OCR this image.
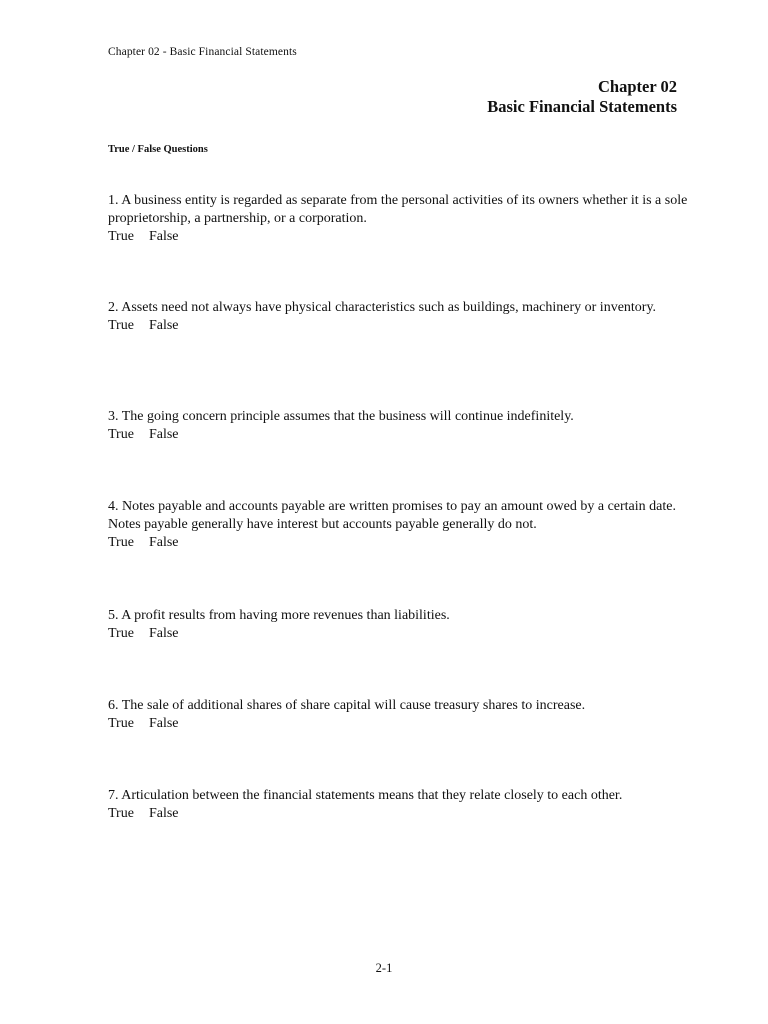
Chapter 02 - Basic Financial Statements
Chapter 02
Basic Financial Statements
True / False Questions
1. A business entity is regarded as separate from the personal activities of its owners whether it is a sole proprietorship, a partnership, or a corporation.
True False
2. Assets need not always have physical characteristics such as buildings, machinery or inventory.
True False
3. The going concern principle assumes that the business will continue indefinitely.
True False
4. Notes payable and accounts payable are written promises to pay an amount owed by a certain date. Notes payable generally have interest but accounts payable generally do not.
True False
5. A profit results from having more revenues than liabilities.
True False
6. The sale of additional shares of share capital will cause treasury shares to increase.
True False
7. Articulation between the financial statements means that they relate closely to each other.
True False
2-1
